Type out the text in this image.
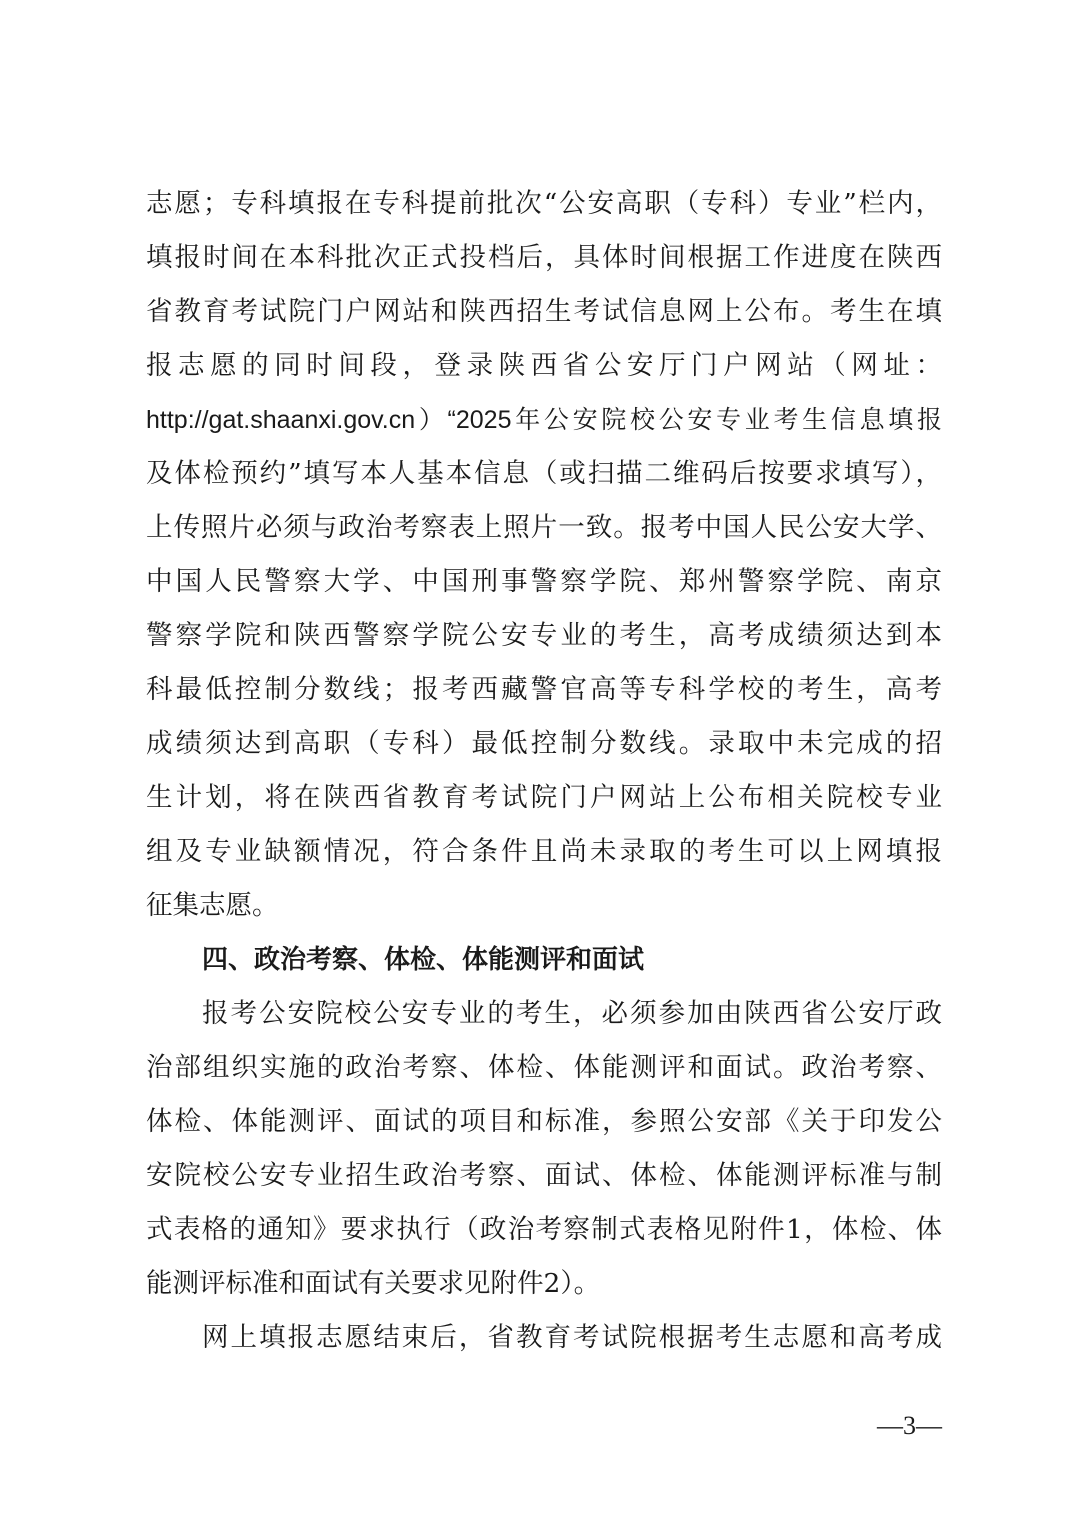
志愿；专科填报在专科提前批次“公安高职（专科）专业”栏内，
填报时间在本科批次正式投档后，具体时间根据工作进度在陕西
省教育考试院门户网站和陕西招生考试信息网上公布。考生在填
报志愿的同时间段，登录陕西省公安厅门户网站（网址：
http://gat.shaanxi.gov.cn）“2025年公安院校公安专业考生信息填报
及体检预约”填写本人基本信息（或扫描二维码后按要求填写），
上传照片必须与政治考察表上照片一致。报考中国人民公安大学、
中国人民警察大学、中国刑事警察学院、郑州警察学院、南京
警察学院和陕西警察学院公安专业的考生，高考成绩须达到本
科最低控制分数线；报考西藏警官高等专科学校的考生，高考
成绩须达到高职（专科）最低控制分数线。录取中未完成的招
生计划，将在陕西省教育考试院门户网站上公布相关院校专业
组及专业缺额情况，符合条件且尚未录取的考生可以上网填报
征集志愿。
四、政治考察、体检、体能测评和面试
报考公安院校公安专业的考生，必须参加由陕西省公安厅政
治部组织实施的政治考察、体检、体能测评和面试。政治考察、
体检、体能测评、面试的项目和标准，参照公安部《关于印发公
安院校公安专业招生政治考察、面试、体检、体能测评标准与制
式表格的通知》要求执行（政治考察制式表格见附件1，体检、体
能测评标准和面试有关要求见附件2）。
网上填报志愿结束后，省教育考试院根据考生志愿和高考成
—3—
